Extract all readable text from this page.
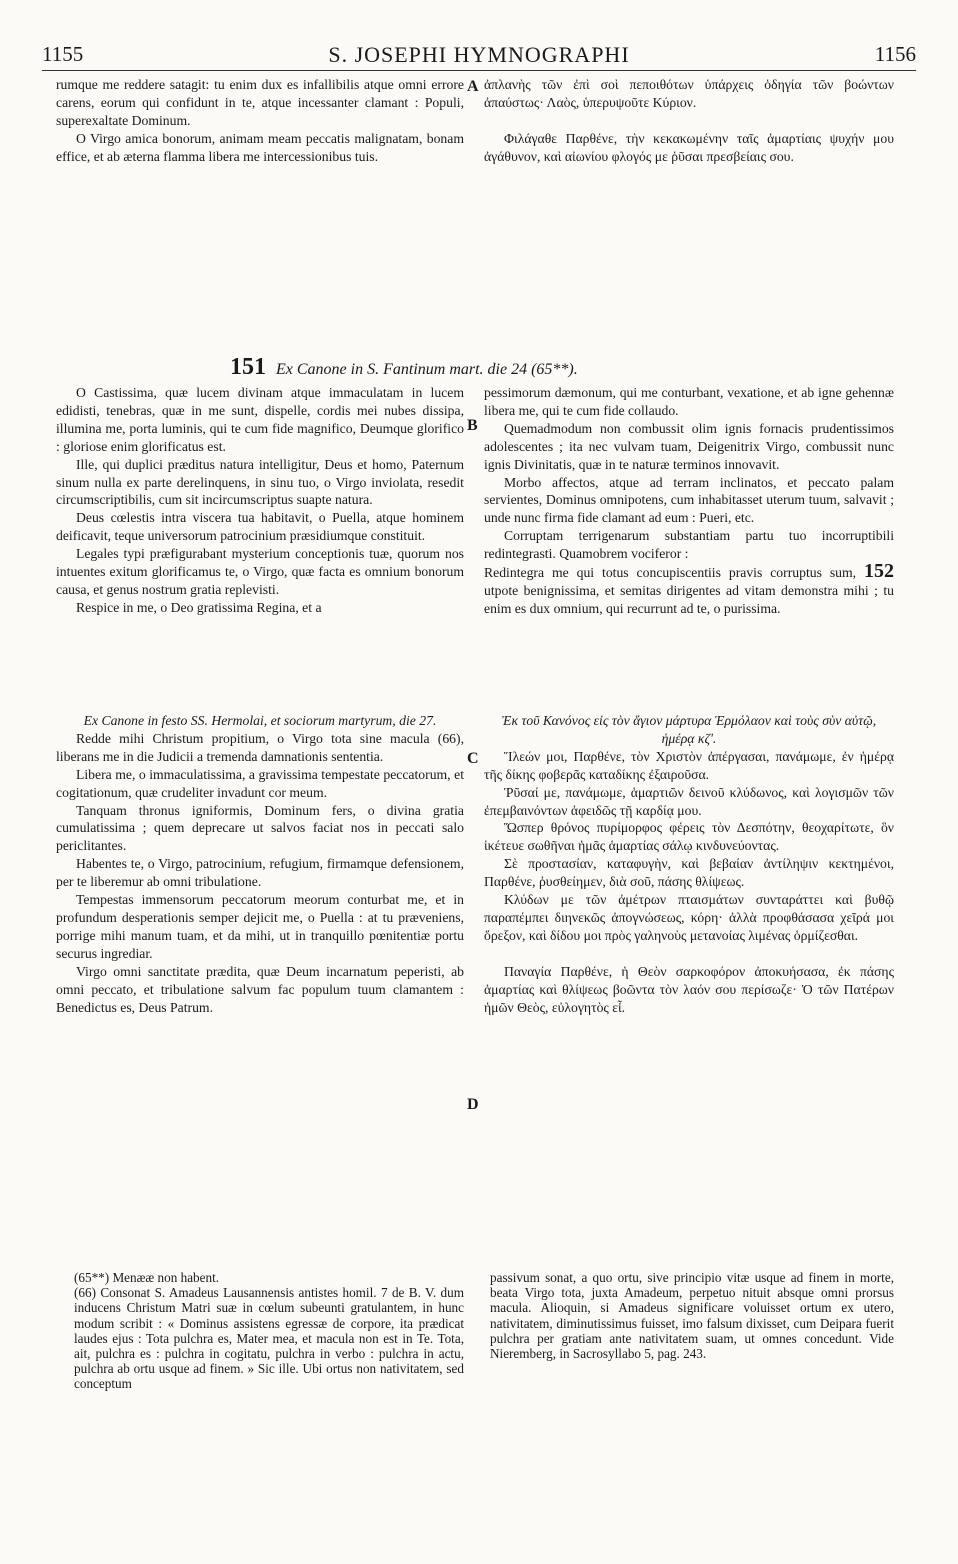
1155	S. JOSEPHI HYMNOGRAPHI	1156

rumque me reddere satagit: tu enim dux es infallibilis atque omni errore carens, eorum qui confidunt in te, atque incessanter clamant : Populi, superexaltate Dominum.

O Virgo amica bonorum, animam meam peccatis malignatam, bonam effice, et ab æterna flamma libera me intercessionibus tuis.

A ἀπλανὴς τῶν ἐπὶ σοὶ πεποιθότων ὑπάρχεις ὁδηγία τῶν βοώντων ἀπαύστως· Λαὸς, ὑπερυψοῦτε Κύριον.

Φιλάγαθε Παρθένε, τὴν κεκακωμένην ταῖς ἁμαρτίαις ψυχήν μου ἀγάθυνον, καὶ αἰωνίου φλογός με ῥῦσαι πρεσβείαις σου.

151 Ex Canone in S. Fantinum mart. die 24 (65**).

O Castissima, quæ lucem divinam atque immaculatam in lucem edidisti, tenebras, quæ in me sunt, dispelle, cordis mei nubes dissipa, illumina me, porta luminis, qui te cum fide magnifico, Deumque glorifico : gloriose enim glorificatus est.

Ille, qui duplici præditus natura intelligitur, Deus et homo, Paternum sinum nulla ex parte derelinquens, in sinu tuo, o Virgo inviolata, resedit circumscriptibilis, cum sit incircumscriptus suapte natura.

Deus cœlestis intra viscera tua habitavit, o Puella, atque hominem deificavit, teque universorum patrocinium præsidiumque constituit.

Legales typi præfigurabant mysterium conceptionis tuæ, quorum nos intuentes exitum glorificamus te, o Virgo, quæ facta es omnium bonorum causa, et genus nostrum gratia replevisti.

Respice in me, o Deo gratissima Regina, et a

B

pessimorum dæmonum, qui me conturbant, vexatione, et ab igne gehennæ libera me, qui te cum fide collaudo.

Quemadmodum non combussit olim ignis fornacis prudentissimos adolescentes ; ita nec vulvam tuam, Deigenitrix Virgo, combussit nunc ignis Divinitatis, quæ in te naturæ terminos innovavit.

Morbo affectos, atque ad terram inclinatos, et peccato palam servientes, Dominus omnipotens, cum inhabitasset uterum tuum, salvavit ; unde nunc firma fide clamant ad eum : Pueri, etc.

Corruptam terrigenarum substantiam partu tuo incorruptibili redintegrasti. Quamobrem vociferor :

Redintegra me qui totus concupiscentiis pravis corruptus sum, 152 utpote benignissima, et semitas dirigentes ad vitam demonstra mihi ; tu enim es dux omnium, qui recurrunt ad te, o purissima.

Ex Canone in festo SS. Hermolai, et sociorum martyrum, die 27.

Redde mihi Christum propitium, o Virgo tota sine macula (66), liberans me in die Judicii a tremenda damnationis sententia.

Libera me, o immaculatissima, a gravissima tempestate peccatorum, et cogitationum, quæ crudeliter invadunt cor meum.

Tanquam thronus igniformis, Dominum fers, o divina gratia cumulatissima ; quem deprecare ut salvos faciat nos in peccati salo periclitantes.

Habentes te, o Virgo, patrocinium, refugium, firmamque defensionem, per te liberemur ab omni tribulatione.

Tempestas immensorum peccatorum meorum conturbat me, et in profundum desperationis semper dejicit me, o Puella : at tu præveniens, porrige mihi manum tuam, et da mihi, ut in tranquillo pœnitentiæ portu securus ingrediar.

Virgo omni sanctitate prædita, quæ Deum incarnatum peperisti, ab omni peccato, et tribulatione salvum fac populum tuum clamantem : Benedictus es, Deus Patrum.

C
D

Ἐκ τοῦ Κανόνος εἰς τὸν ἅγιον μάρτυρα Ἑρμόλαον καὶ τοὺς σὺν αὐτῷ, ἡμέρᾳ κζʹ.

Ἵλεών μοι, Παρθένε, τὸν Χριστὸν ἀπέργασαι, πανάμωμε, ἐν ἡμέρᾳ τῆς δίκης φοβερᾶς καταδίκης ἐξαιροῦσα.

Ῥῦσαί με, πανάμωμε, ἁμαρτιῶν δεινοῦ κλύδωνος, καὶ λογισμῶν τῶν ἐπεμβαινόντων ἀφειδῶς τῇ καρδίᾳ μου.

Ὥσπερ θρόνος πυρίμορφος φέρεις τὸν Δεσπότην, θεοχαρίτωτε, ὃν ἱκέτευε σωθῆναι ἡμᾶς ἁμαρτίας σάλῳ κινδυνεύοντας.

Σὲ προστασίαν, καταφυγὴν, καὶ βεβαίαν ἀντίληψιν κεκτημένοι, Παρθένε, ῥυσθείημεν, διὰ σοῦ, πάσης θλίψεως.

Κλύδων με τῶν ἀμέτρων πταισμάτων συνταράττει καὶ βυθῷ παραπέμπει διηνεκῶς ἀπογνώσεως, κόρη· ἀλλὰ προφθάσασα χεῖρά μοι ὄρεξον, καὶ δίδου μοι πρὸς γαληνοὺς μετανοίας λιμένας ὁρμίζεσθαι.

Παναγία Παρθένε, ἡ Θεὸν σαρκοφόρον ἀποκυήσασα, ἐκ πάσης ἁμαρτίας καὶ θλίψεως βοῶντα τὸν λαόν σου περίσωζε· Ὁ τῶν Πατέρων ἡμῶν Θεὸς, εὐλογητὸς εἶ.

(65**) Menææ non habent.

(66) Consonat S. Amadeus Lausannensis antistes homil. 7 de B. V. dum inducens Christum Matri suæ in cœlum subeunti gratulantem, in hunc modum scribit : « Dominus assistens egressæ de corpore, ita prædicat laudes ejus : Tota pulchra es, Mater mea, et macula non est in Te. Tota, ait, pulchra es : pulchra in cogitatu, pulchra in verbo : pulchra in actu, pulchra ab ortu usque ad finem. » Sic ille. Ubi ortus non nativitatem, sed conceptum

passivum sonat, a quo ortu, sive principio vitæ usque ad finem in morte, beata Virgo tota, juxta Amadeum, perpetuo nituit absque omni prorsus macula. Alioquin, si Amadeus significare voluisset ortum ex utero, nativitatem, diminutissimus fuisset, imo falsum dixisset, cum Deipara fuerit pulchra per gratiam ante nativitatem suam, ut omnes concedunt. Vide Nieremberg, in Sacrosyllabo 5, pag. 243.
